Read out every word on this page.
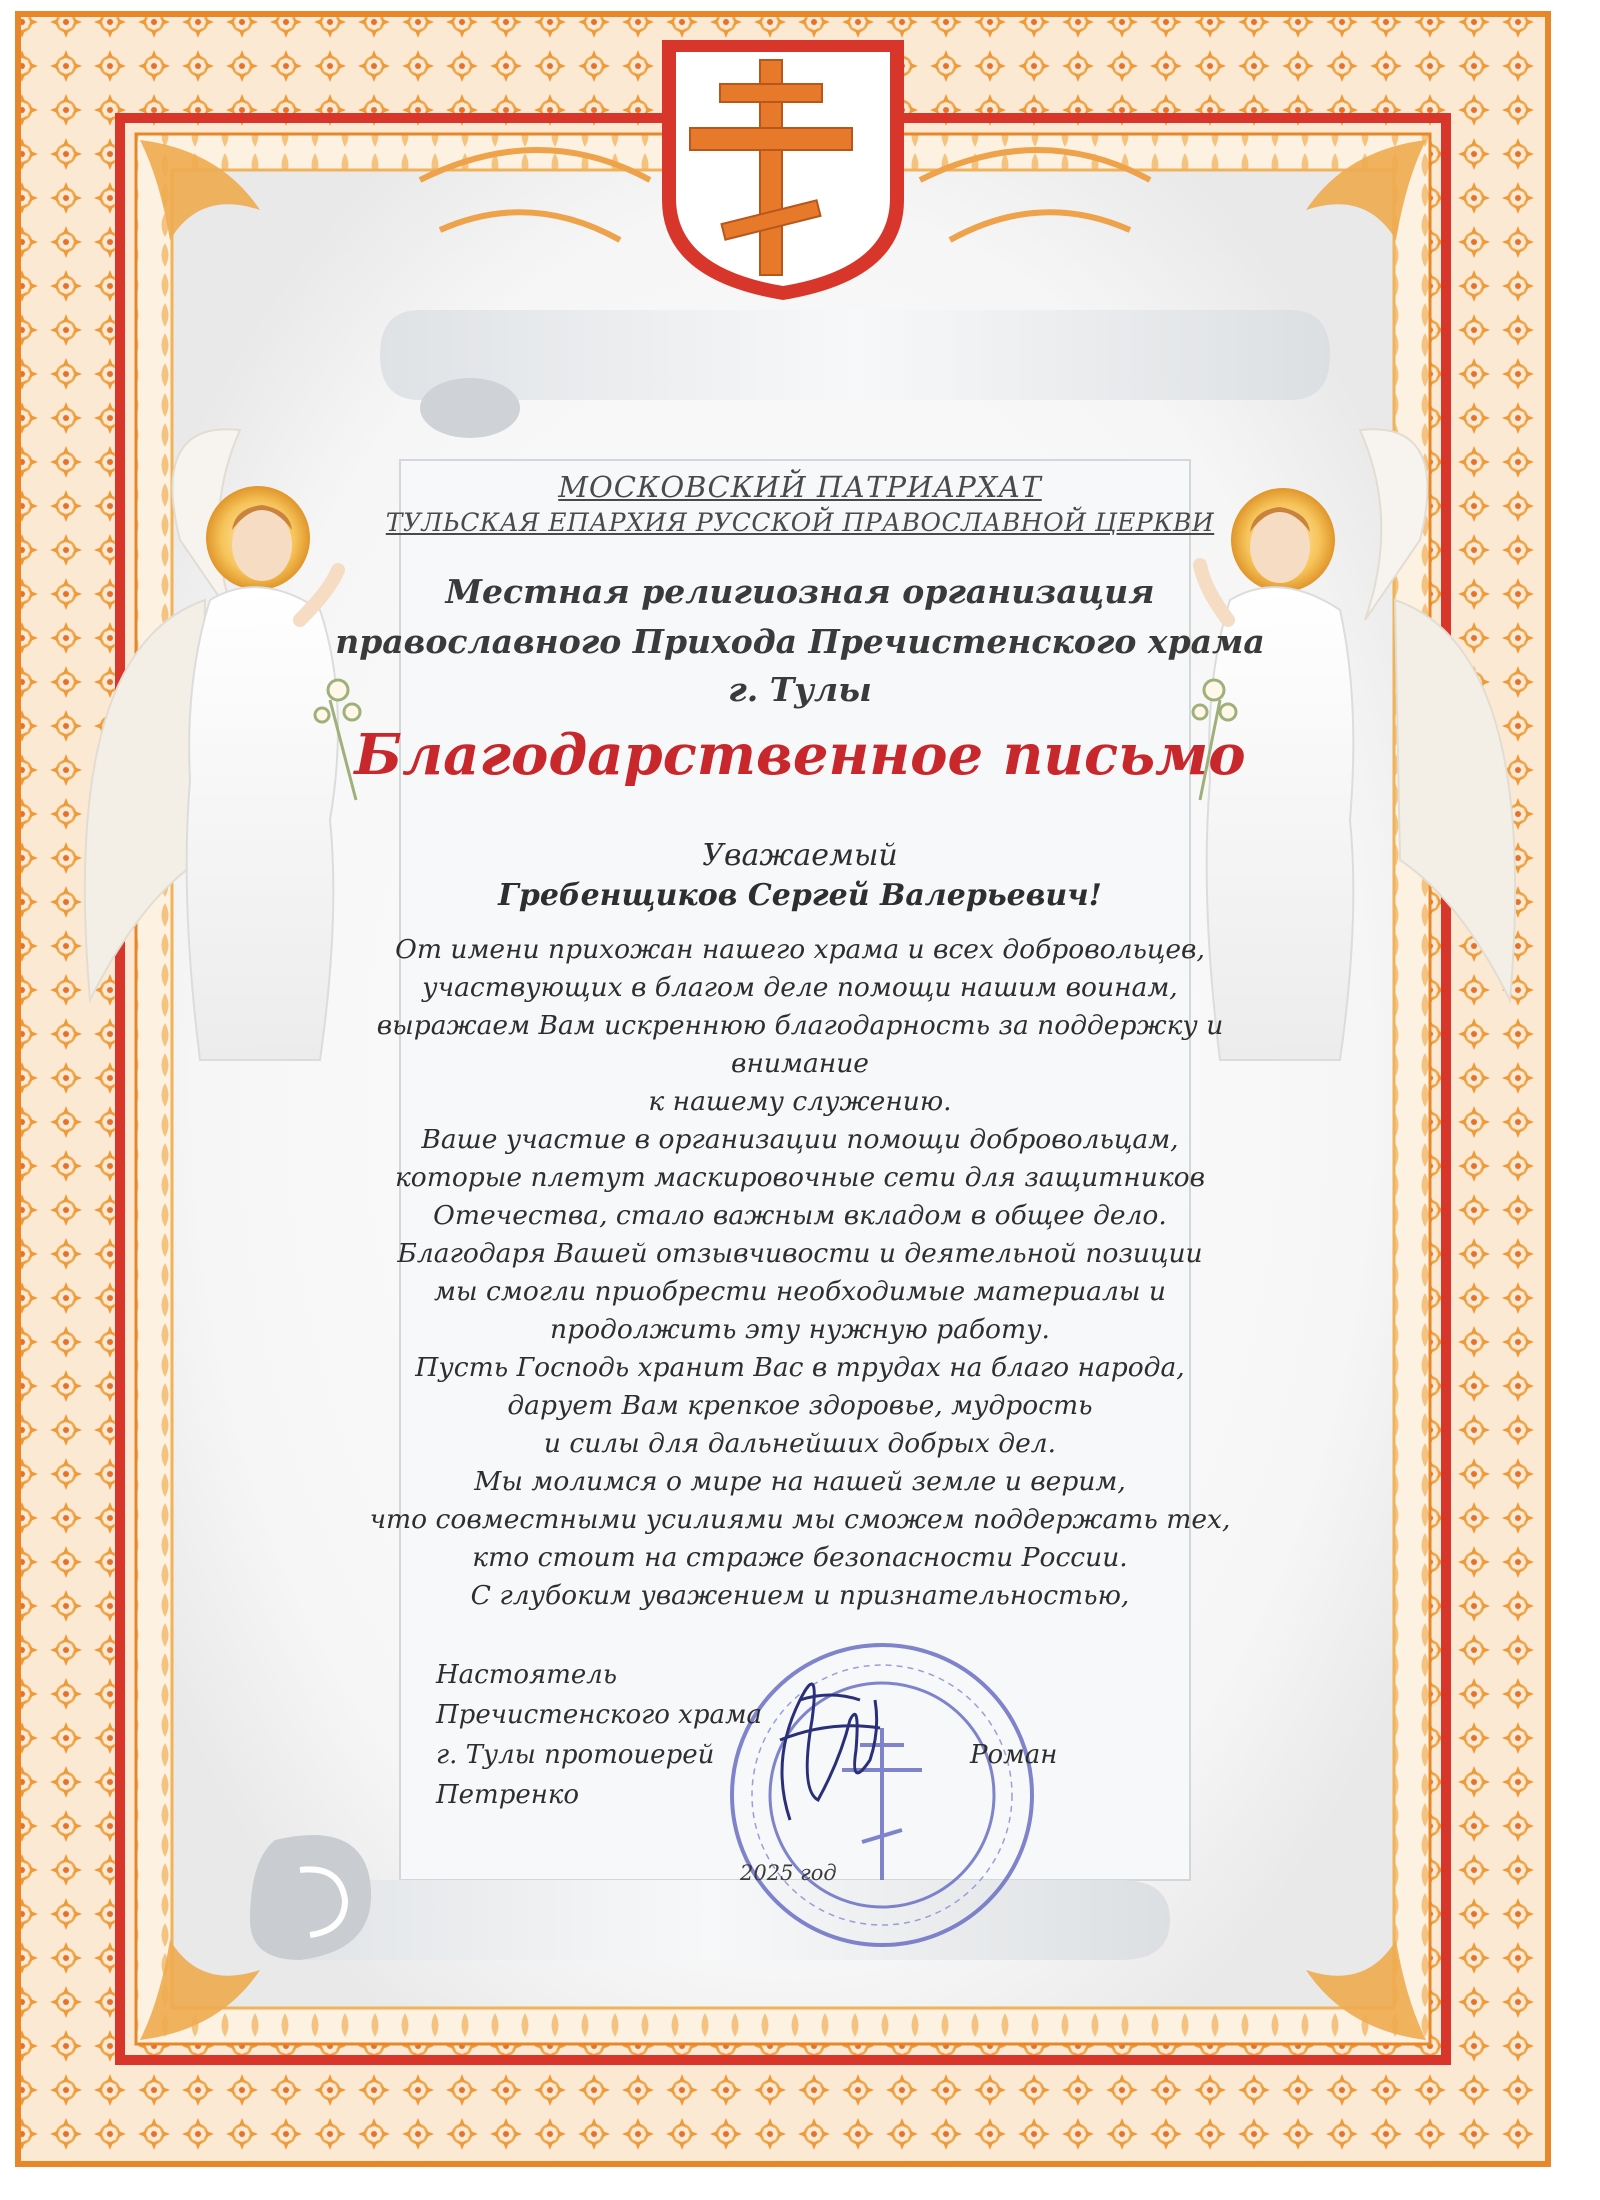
МОСКОВСКИЙ ПАТРИАРХАТ

ТУЛЬСКАЯ ЕПАРХИЯ РУССКОЙ ПРАВОСЛАВНОЙ ЦЕРКВИ

Местная религиозная организация

православного Прихода Пречистенского храма

г. Тулы

Благодарственное письмо

Уважаемый

Гребенщиков Сергей Валерьевич!

От имени прихожан нашего храма и всех добровольцев,

участвующих в благом деле помощи нашим воинам,

выражаем Вам искреннюю благодарность за поддержку и

внимание

к нашему служению.

Ваше участие в организации помощи добровольцам,

которые плетут маскировочные сети для защитников

Отечества, стало важным вкладом в общее дело.

Благодаря Вашей отзывчивости и деятельной позиции

мы смогли приобрести необходимые материалы и

продолжить эту нужную работу.

Пусть Господь хранит Вас в трудах на благо народа,

дарует Вам крепкое здоровье, мудрость

и силы для дальнейших добрых дел.

Мы молимся о мире на нашей земле и верим,

что совместными усилиями мы сможем поддержать тех,

кто стоит на страже безопасности России.

С глубоким уважением и признательностью,

Настоятель

Пречистенского храма

г. Тулы протоиерей

Петренко

Роман

2025 год
